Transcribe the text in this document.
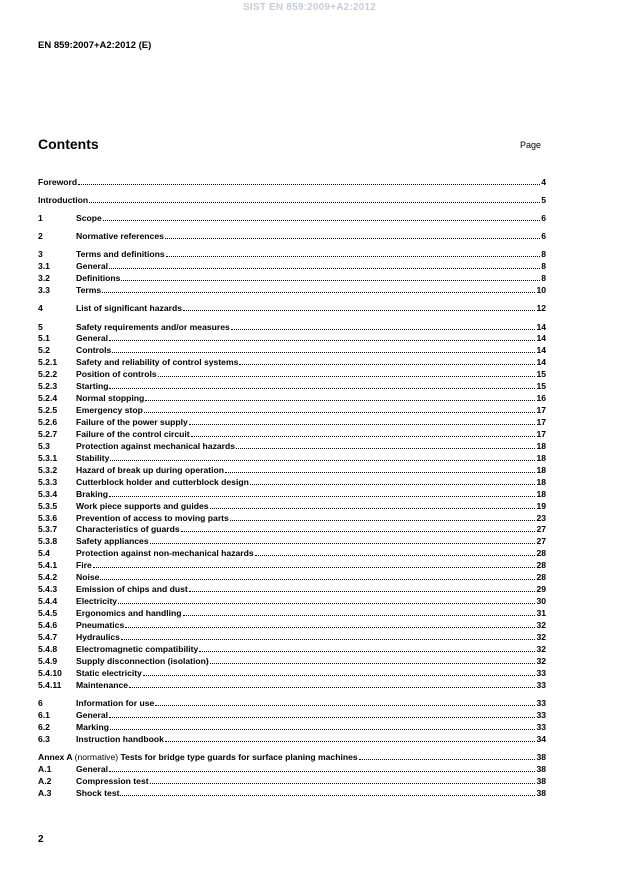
SIST EN 859:2009+A2:2012
EN 859:2007+A2:2012 (E)
Contents	Page
Foreword	4
Introduction	5
1	Scope	6
2	Normative references	6
3	Terms and definitions	8
3.1	General	8
3.2	Definitions	8
3.3	Terms	10
4	List of significant hazards	12
5	Safety requirements and/or measures	14
5.1	General	14
5.2	Controls	14
5.2.1	Safety and reliability of control systems	14
5.2.2	Position of controls	15
5.2.3	Starting	15
5.2.4	Normal stopping	16
5.2.5	Emergency stop	17
5.2.6	Failure of the power supply	17
5.2.7	Failure of the control circuit	17
5.3	Protection against mechanical hazards	18
5.3.1	Stability	18
5.3.2	Hazard of break up during operation	18
5.3.3	Cutterblock holder and cutterblock design	18
5.3.4	Braking	18
5.3.5	Work piece supports and guides	19
5.3.6	Prevention of access to moving parts	23
5.3.7	Characteristics of guards	27
5.3.8	Safety appliances	27
5.4	Protection against non-mechanical hazards	28
5.4.1	Fire	28
5.4.2	Noise	28
5.4.3	Emission of chips and dust	29
5.4.4	Electricity	30
5.4.5	Ergonomics and handling	31
5.4.6	Pneumatics	32
5.4.7	Hydraulics	32
5.4.8	Electromagnetic compatibility	32
5.4.9	Supply disconnection (isolation)	32
5.4.10	Static electricity	33
5.4.11	Maintenance	33
6	Information for use	33
6.1	General	33
6.2	Marking	33
6.3	Instruction handbook	34
Annex A (normative) Tests for bridge type guards for surface planing machines	38
A.1	General	38
A.2	Compression test	38
A.3	Shock test	38
2
